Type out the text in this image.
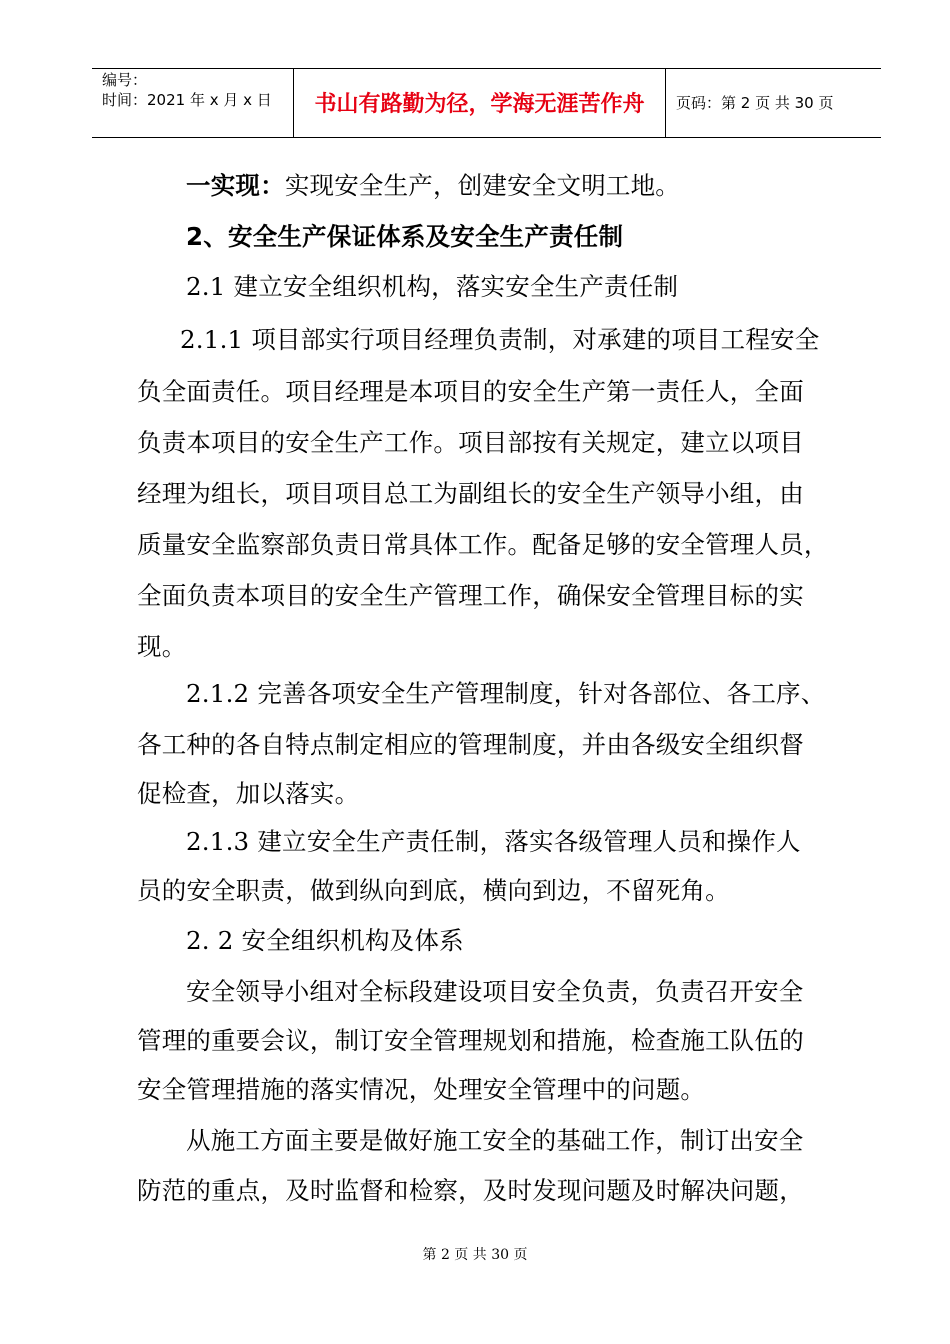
编号：
时间：2021 年 x 月 x 日	书山有路勤为径，学海无涯苦作舟	页码：第 2 页 共 30 页
一实现：实现安全生产，创建安全文明工地。
2、安全生产保证体系及安全生产责任制
2.1 建立安全组织机构，落实安全生产责任制
2.1.1 项目部实行项目经理负责制，对承建的项目工程安全
负全面责任。项目经理是本项目的安全生产第一责任人，全面
负责本项目的安全生产工作。项目部按有关规定，建立以项目
经理为组长，项目项目总工为副组长的安全生产领导小组，由
质量安全监察部负责日常具体工作。配备足够的安全管理人员，
全面负责本项目的安全生产管理工作，确保安全管理目标的实
现。
2.1.2 完善各项安全生产管理制度，针对各部位、各工序、
各工种的各自特点制定相应的管理制度，并由各级安全组织督
促检查，加以落实。
2.1.3 建立安全生产责任制，落实各级管理人员和操作人
员的安全职责，做到纵向到底，横向到边，不留死角。
2. 2 安全组织机构及体系
安全领导小组对全标段建设项目安全负责，负责召开安全
管理的重要会议，制订安全管理规划和措施，检查施工队伍的
安全管理措施的落实情况，处理安全管理中的问题。
从施工方面主要是做好施工安全的基础工作，制订出安全
防范的重点，及时监督和检察，及时发现问题及时解决问题，
第 2 页 共 30 页
